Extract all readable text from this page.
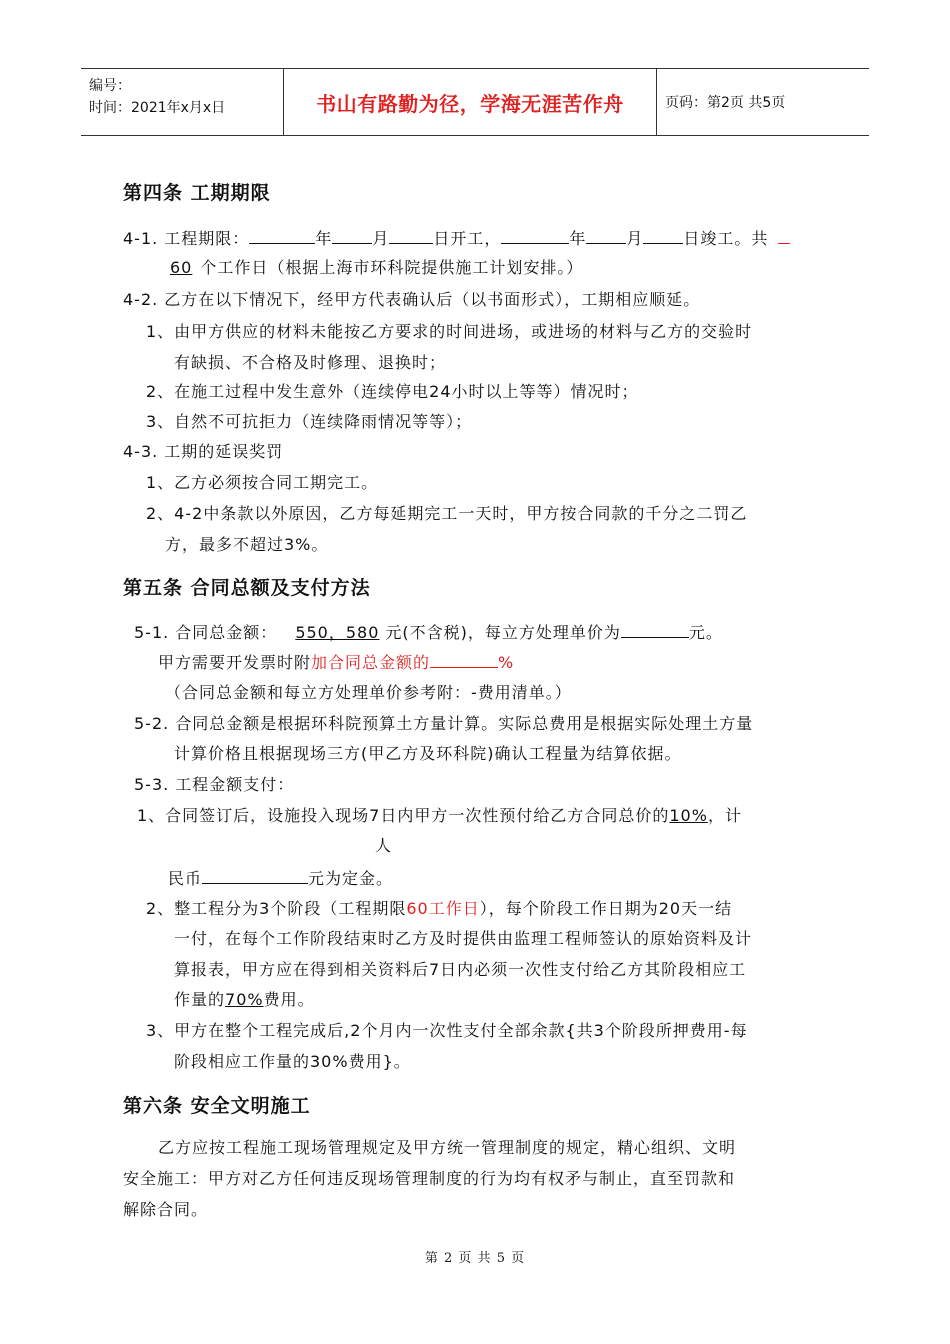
编号：
时间：2021年x月x日	书山有路勤为径，学海无涯苦作舟	页码：第2页 共5页
第四条 工期期限
4-1. 工程期限：	年	月	日开工，	年	月	日竣工。共
60 个工作日（根据上海市环科院提供施工计划安排。）
4-2. 乙方在以下情况下，经甲方代表确认后（以书面形式），工期相应顺延。
1、由甲方供应的材料未能按乙方要求的时间进场，或进场的材料与乙方的交验时
有缺损、不合格及时修理、退换时；
2、在施工过程中发生意外（连续停电24小时以上等等）情况时；
3、自然不可抗拒力（连续降雨情况等等）；
4-3. 工期的延误奖罚
1、乙方必须按合同工期完工。
2、4-2中条款以外原因，乙方每延期完工一天时，甲方按合同款的千分之二罚乙
方，最多不超过3%。
第五条 合同总额及支付方法
5-1. 合同总金额： 550，580 元(不含税)，每立方处理单价为	元。
甲方需要开发票时附加合同总金额的	%
（合同总金额和每立方处理单价参考附：-费用清单。）
5-2. 合同总金额是根据环科院预算土方量计算。实际总费用是根据实际处理土方量
计算价格且根据现场三方(甲乙方及环科院)确认工程量为结算依据。
5-3. 工程金额支付：
1、合同签订后，设施投入现场7日内甲方一次性预付给乙方合同总价的10%，计
人
民币	元为定金。
2、整工程分为3个阶段（工程期限60工作日），每个阶段工作日期为20天一结
一付，在每个工作阶段结束时乙方及时提供由监理工程师签认的原始资料及计
算报表，甲方应在得到相关资料后7日内必须一次性支付给乙方其阶段相应工
作量的70%费用。
3、甲方在整个工程完成后,2个月内一次性支付全部余款{共3个阶段所押费用-每
阶段相应工作量的30%费用}。
第六条 安全文明施工
乙方应按工程施工现场管理规定及甲方统一管理制度的规定，精心组织、文明
安全施工：甲方对乙方任何违反现场管理制度的行为均有权矛与制止，直至罚款和
解除合同。
第 2 页 共 5 页
